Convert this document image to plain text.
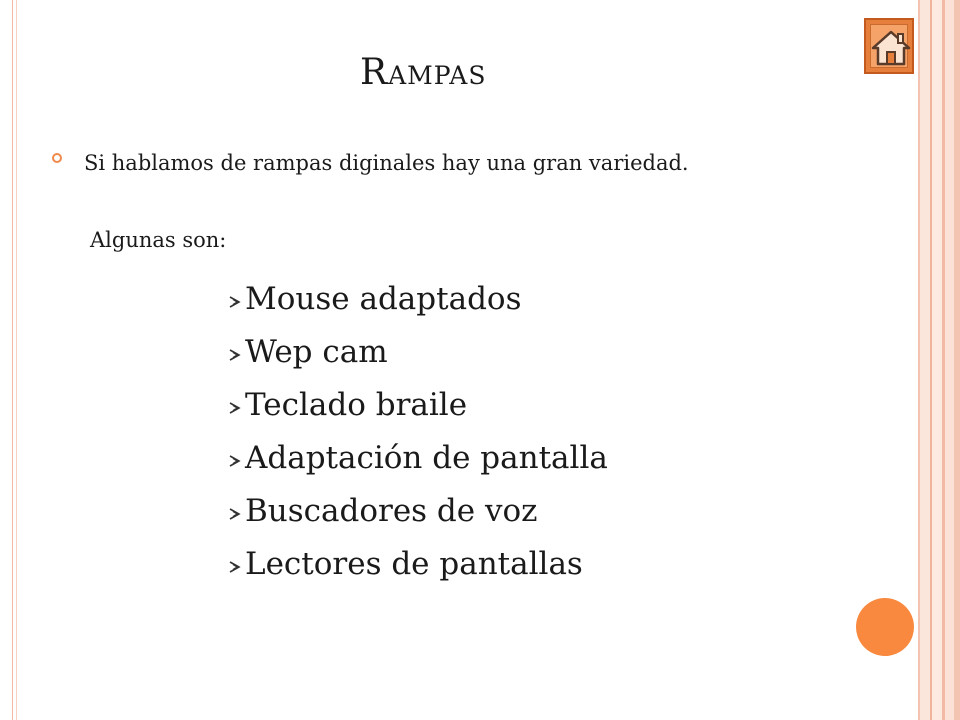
Rampas
Si hablamos de rampas diginales hay una gran variedad.
Algunas son:
Mouse adaptados
Wep cam
Teclado braile
Adaptación de pantalla
Buscadores de voz
Lectores de pantallas
